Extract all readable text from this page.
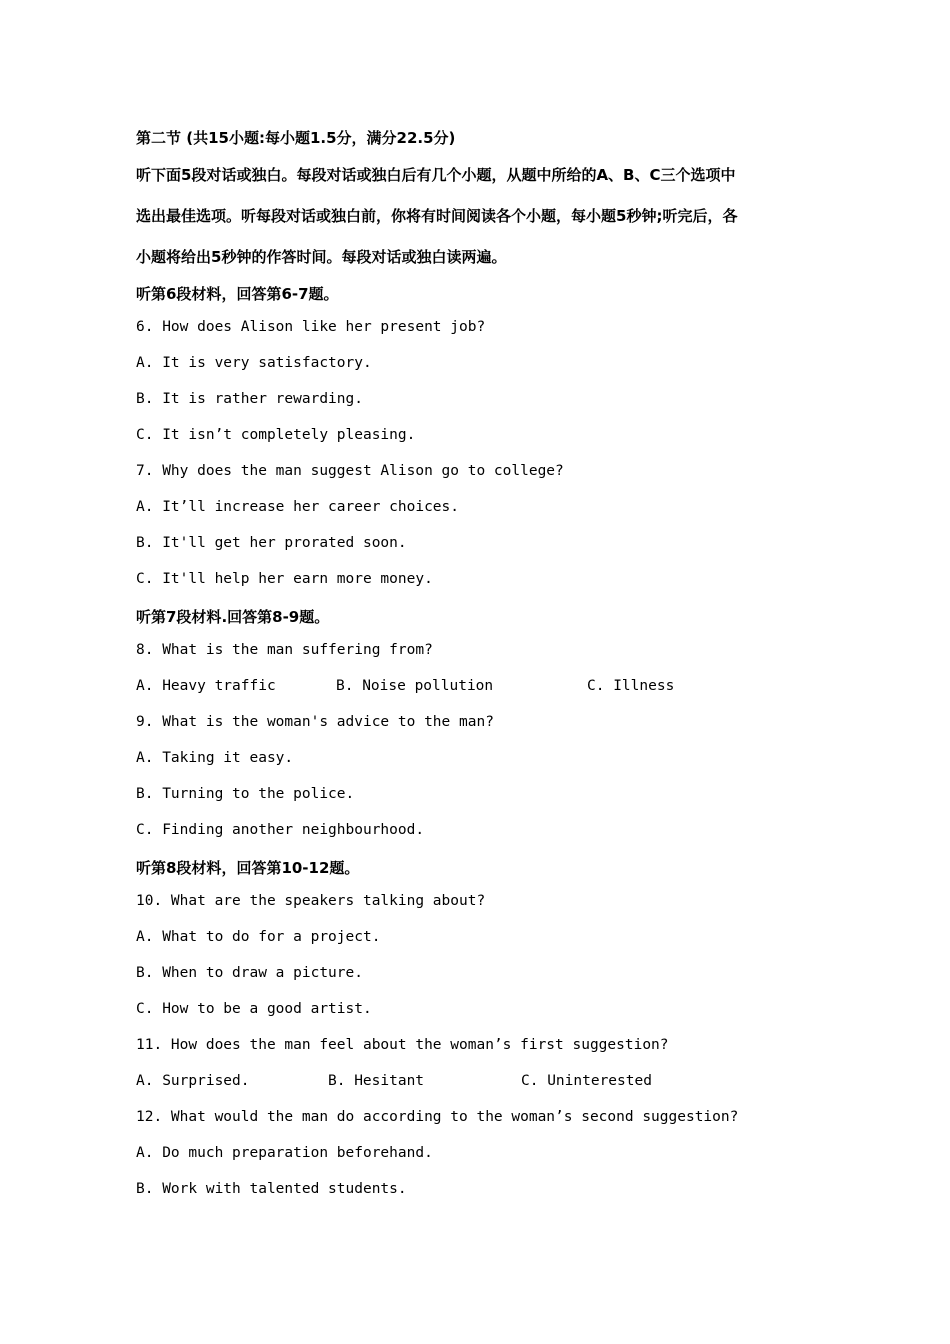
第二节 (共15小题:每小题1.5分，满分22.5分)
听下面5段对话或独白。每段对话或独白后有几个小题，从题中所给的A、B、C三个选项中
选出最佳选项。听每段对话或独白前，你将有时间阅读各个小题，每小题5秒钟;听完后，各
小题将给出5秒钟的作答时间。每段对话或独白读两遍。
听第6段材料，回答第6-7题。
6. How does Alison like her present job?
A. It is very satisfactory.
B. It is rather rewarding.
C. It isn’t completely pleasing.
7. Why does the man suggest Alison go to college?
A. It’ll increase her career choices.
B. It'll get her prorated soon.
C. It'll help her earn more money.
听第7段材料.回答第8-9题。
8. What is the man suffering from?

A. Heavy traffic

	B. Noise pollution

	C. Illness

9. What is the woman's advice to the man?
A. Taking it easy.
B. Turning to the police.
C. Finding another neighbourhood.
听第8段材料，回答第10-12题。
10. What are the speakers talking about?
A. What to do for a project.
B. When to draw a picture.
C. How to be a good artist.
11. How does the man feel about the woman’s first suggestion?

A. Surprised.

	B. Hesitant

	C. Uninterested

12. What would the man do according to the woman’s second suggestion?
A. Do much preparation beforehand.
B. Work with talented students.
